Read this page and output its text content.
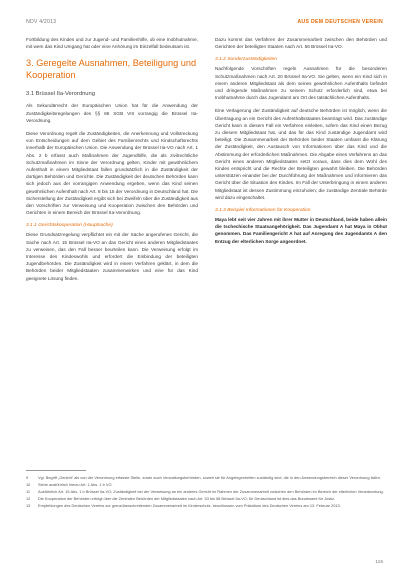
NDV 4/2013	AUS DEM DEUTSCHEN VEREIN

Fortbildung des Kindes und zur Jugend- und Familienhilfe, ob eine Inobhutnahme, mit wem das Kind Umgang hat oder eine Anhörung im Einzelfall bedeutsam ist.

3. Geregelte Ausnahmen, Beteiligung und Kooperation
3.1 Brüssel IIa-Verordnung

Als Sekundärrecht der Europäischen Union hat für die Anwendung der Zuständigkeitsregelungen des §§ 86 SGB VIII vorrangig die Brüssel IIa-Verordnung.

Diese Verordnung regelt die Zuständigkeiten, die Anerkennung und Vollstreckung von Entscheidungen auf dem Gebiet des Familienrechts und Kindschaftsrechts innerhalb der Europäischen Union. Die Anwendung der Brüssel IIa-VO nach Art. 1 Abs. 2 b erfasst auch Maßnahmen der Jugendhilfe, die als zivilrechtliche Schutzmaßnahmen im Sinne der Verordnung gelten. Kinder mit gewöhnlichem Aufenthalt in einem Mitgliedstaat fallen grundsätzlich in die Zuständigkeit der dortigen Behörden und Gerichte. Die Zuständigkeit der deutschen Behörden kann sich jedoch aus der vorrangigen Anwendung ergeben, wenn das Kind seinen gewöhnlichen Aufenthalt nach Art. 8 bis 15 der Verordnung in Deutschland hat. Die Sicherstellung der Zuständigkeit ergibt sich bei Zweifeln über die Zuständigkeit aus den Vorschriften zur Verweisung und Kooperation zwischen den Behörden und Gerichten in einem Bereich der Brüssel IIa-Verordnung.

3.1.1 Gerichtskooperation (Hauptsache)

Diese Grundsatzregelung verpflichtet ein mit der Sache angerufenes Gericht, die Sache nach Art. 15 Brüssel IIa-VO an das Gericht eines anderen Mitgliedstaates zu verweisen, das den Fall besser beurteilen kann. Die Verweisung erfolgt im Interesse des Kindeswohls und erfordert die Einbindung der beteiligten Jugendbehörden. Die Zuständigkeit wird in einem Verfahren geklärt, in dem die Behörden beider Mitgliedstaaten zusammenwirken und eine für das Kind geeignete Lösung finden.

Dazu kommt das Verfahren der Zusammenarbeit zwischen den Behörden und Gerichten der beteiligten Staaten nach Art. 56 Brüssel IIa-VO.

3.1.2 Sonderzuständigkeiten

Nachfolgende Vorschriften regeln Ausnahmen für die besonderen Schutzmaßnahmen nach Art. 20 Brüssel IIa-VO. Sie gelten, wenn ein Kind sich in einem anderen Mitgliedstaat als dem seines gewöhnlichen Aufenthalts befindet und dringende Maßnahmen zu seinem Schutz erforderlich sind, etwa bei Inobhutnahme durch das Jugendamt am Ort des tatsächlichen Aufenthalts.

Eine Verlagerung der Zuständigkeit auf deutsche Behörden ist möglich, wenn die Übertragung an ein Gericht des Aufenthaltsstaates beantragt wird. Das zuständige Gericht kann in diesem Fall ein Verfahren einleiten, sofern das Kind einen Bezug zu diesem Mitgliedstaat hat, und das für das Kind zuständige Jugendamt wird beteiligt. Die Zusammenarbeit der Behörden beider Staaten umfasst die Klärung der Zuständigkeit, den Austausch von Informationen über das Kind und die Abstimmung der erforderlichen Maßnahmen. Die Abgabe eines Verfahrens an das Gericht eines anderen Mitgliedstaates setzt voraus, dass dies dem Wohl des Kindes entspricht und die Rechte der Beteiligten gewahrt bleiben. Die Behörden unterstützen einander bei der Durchführung der Maßnahmen und informieren das Gericht über die Situation des Kindes. Im Fall der Unterbringung in einem anderen Mitgliedstaat ist dessen Zustimmung einzuholen; die zuständige Zentrale Behörde wird dazu eingeschaltet.

3.1.3 Beispiel Informationen für Kooperation

Maya lebt seit vier Jahren mit ihrer Mutter in Deutschland, beide haben allein die tschechische Staatsangehörigkeit. Das Jugendamt A hat Maya in Obhut genommen. Das Familiengericht A hat auf Anregung des Jugendamts A den Entzug der elterlichen Sorge angeordnet.

9	Vgl. Begriff „Gericht“ als von der Verordnung erfasste Stelle, sowie auch Verwaltungsbehörden, soweit sie für Angelegenheiten zuständig sind, die in den Anwendungsbereich dieser Verordnung fallen.
10	Siehe ausführlich hierzu Art. 1 Abs. 1 b VO.
11	Ausführlich Art. 15 Abs. 1 b Brüssel IIa-VO; Zuständigkeit bei der Verweisung an ein anderes Gericht im Rahmen der Zusammenarbeit zwischen den Behörden im Bereich der elterlichen Verantwortung.
12	Die Kooperation der Behörden erfolgt über die Zentralen Behörden der Mitgliedstaaten nach Art. 53 bis 58 Brüssel IIa-VO; für Deutschland ist dies das Bundesamt für Justiz.
13	Empfehlungen des Deutschen Vereins zur grenzüberschreitenden Zusammenarbeit im Kinderschutz, beschlossen vom Präsidium des Deutschen Vereins am 13. Februar 2013.
115
